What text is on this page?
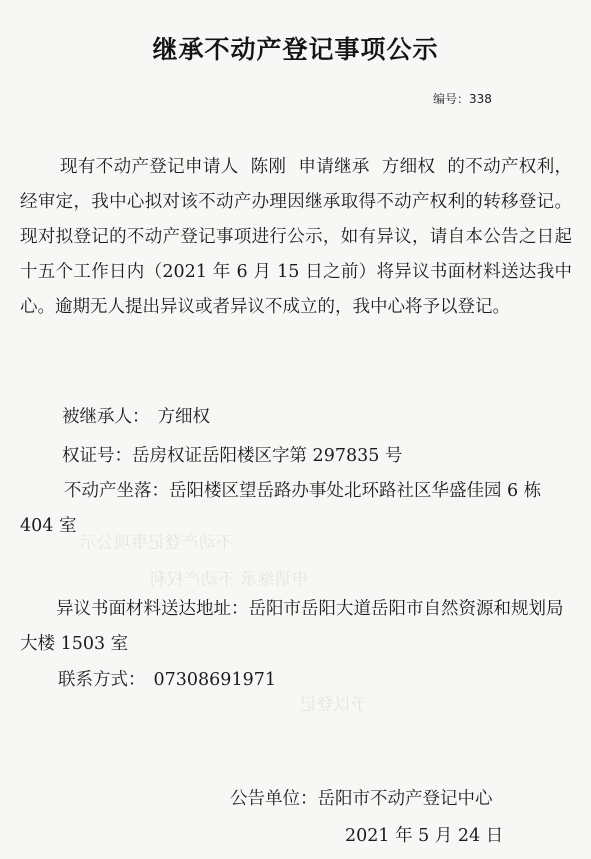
不动产登记事项公示
申请继承 不动产权利
予以登记
继承不动产登记事项公示
编号：338

现有不动产登记申请人 陈刚 申请继承 方细权 的不动产权利，经审定，我中心拟对该不动产办理因继承取得不动产权利的转移登记。现对拟登记的不动产登记事项进行公示，如有异议，请自本公告之日起十五个工作日内（2021 年 6 月 15 日之前）将异议书面材料送达我中心。逾期无人提出异议或者异议不成立的，我中心将予以登记。

被继承人： 方细权
权证号：岳房权证岳阳楼区字第 297835 号
不动产坐落：岳阳楼区望岳路办事处北环路社区华盛佳园 6 栋 404 室
异议书面材料送达地址：岳阳市岳阳大道岳阳市自然资源和规划局大楼 1503 室
联系方式： 07308691971
公告单位：岳阳市不动产登记中心
2021 年 5 月 24 日
